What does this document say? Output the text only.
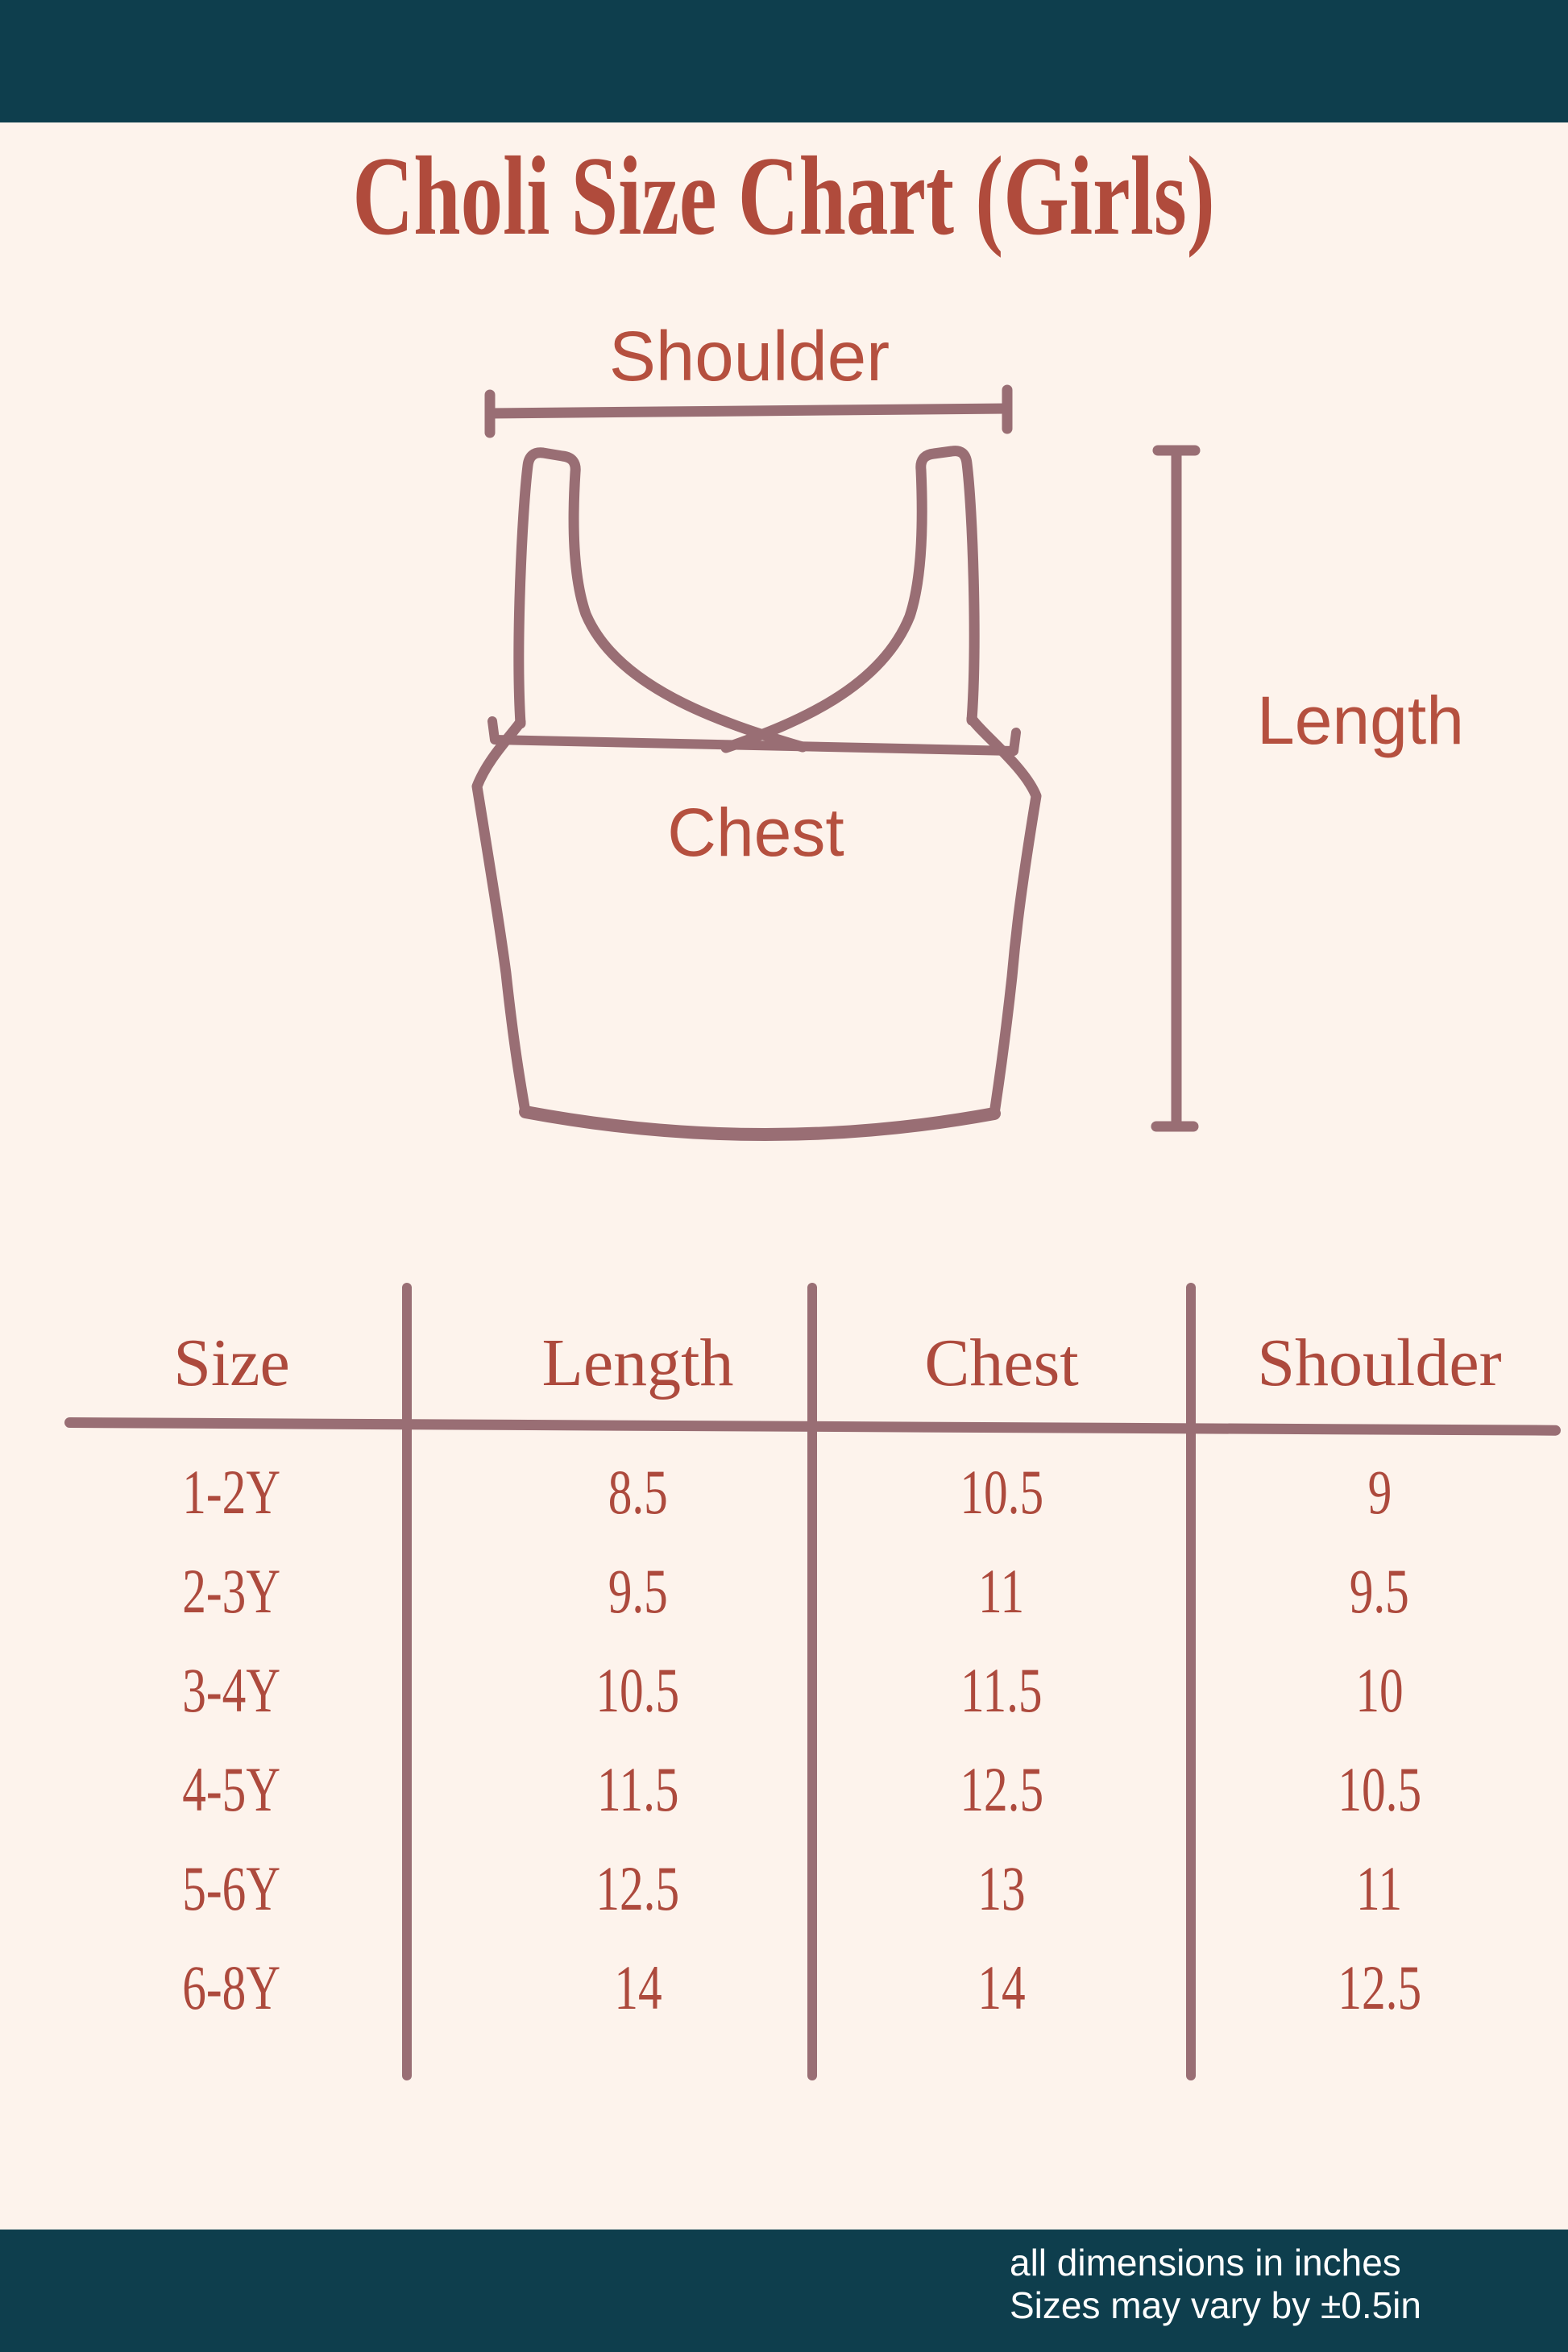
Choli Size Chart (Girls)
Shoulder
Chest
Length
Size	Length	Chest	Shoulder
1-2Y	8.5	10.5	9
2-3Y	9.5	11	9.5
3-4Y	10.5	11.5	10
4-5Y	11.5	12.5	10.5
5-6Y	12.5	13	11
6-8Y	14	14	12.5
all dimensions in inches
Sizes may vary by ±0.5in
